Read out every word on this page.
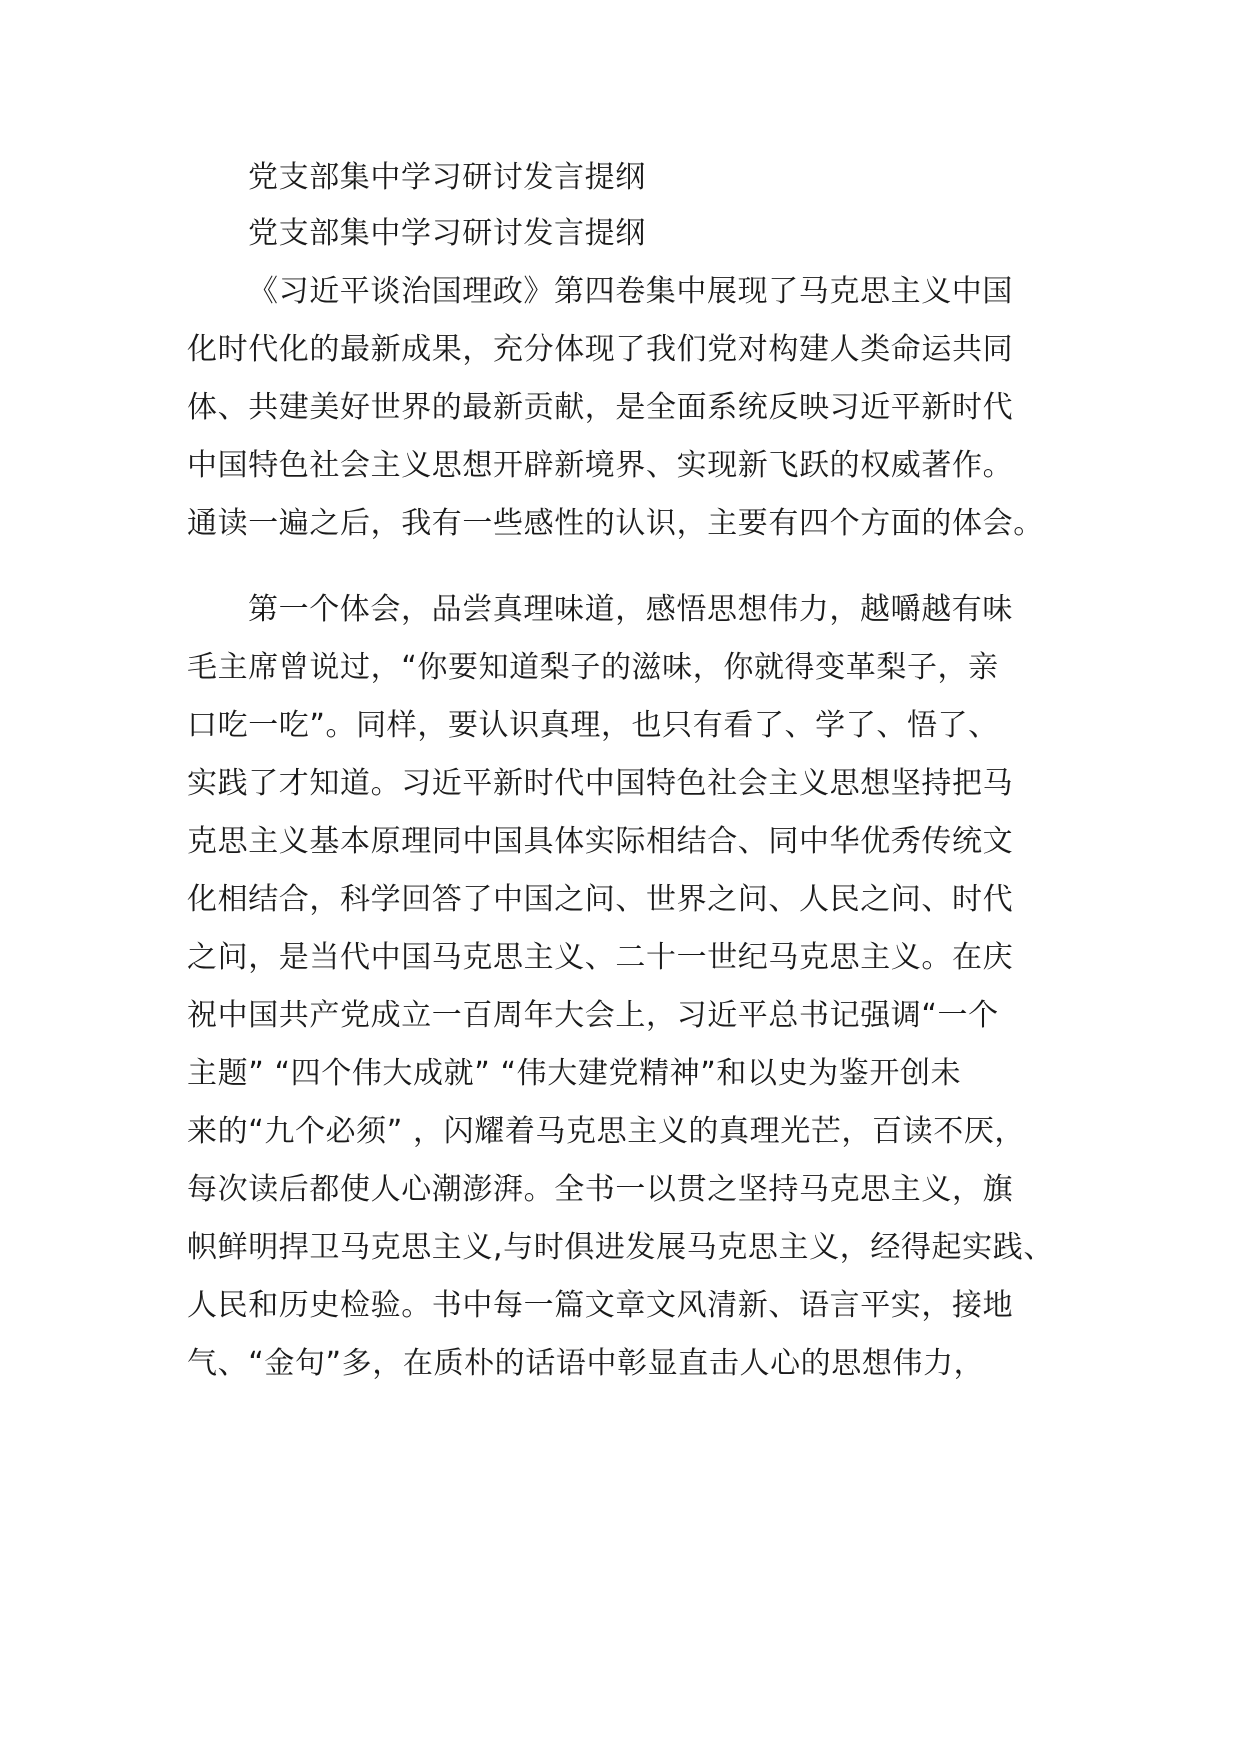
党支部集中学习研讨发言提纲
党支部集中学习研讨发言提纲
《习近平谈治国理政》第四卷集中展现了马克思主义中国
化时代化的最新成果，充分体现了我们党对构建人类命运共同
体、共建美好世界的最新贡献，是全面系统反映习近平新时代
中国特色社会主义思想开辟新境界、实现新飞跃的权威著作。
通读一遍之后，我有一些感性的认识，主要有四个方面的体会。
第一个体会，品尝真理味道，感悟思想伟力，越嚼越有味
毛主席曾说过，“你要知道梨子的滋味，你就得变革梨子，亲
口吃一吃”。同样，要认识真理，也只有看了、学了、悟了、
实践了才知道。习近平新时代中国特色社会主义思想坚持把马
克思主义基本原理同中国具体实际相结合、同中华优秀传统文
化相结合，科学回答了中国之问、世界之问、人民之问、时代
之问，是当代中国马克思主义、二十一世纪马克思主义。在庆
祝中国共产党成立一百周年大会上，习近平总书记强调“一个
主题” “四个伟大成就” “伟大建党精神”和以史为鉴开创未
来的“九个必须” ，闪耀着马克思主义的真理光芒，百读不厌，
每次读后都使人心潮澎湃。全书一以贯之坚持马克思主义，旗
帜鲜明捍卫马克思主义,与时俱进发展马克思主义，经得起实践、
人民和历史检验。书中每一篇文章文风清新、语言平实，接地
气、“金句”多，在质朴的话语中彰显直击人心的思想伟力，
